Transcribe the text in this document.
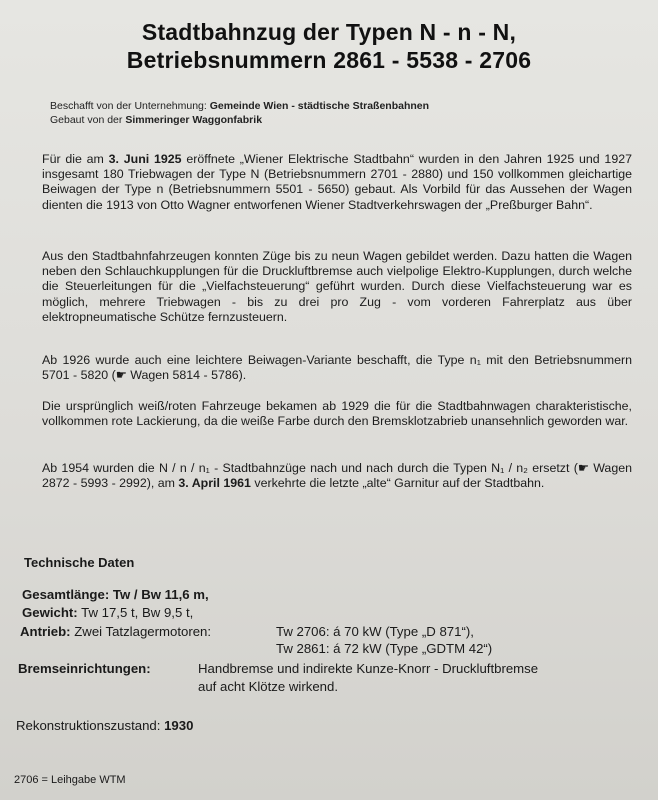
Stadtbahnzug der Typen N - n - N,
Betriebsnummern 2861 - 5538 - 2706
Beschafft von der Unternehmung: Gemeinde Wien - städtische Straßenbahnen
Gebaut von der Simmeringer Waggonfabrik

Für die am 3. Juni 1925 eröffnete „Wiener Elektrische Stadtbahn“ wurden in den Jahren 1925 und 1927 insgesamt 180 Triebwagen der Type N (Betriebsnummern 2701 - 2880) und 150 vollkommen gleichartige Beiwagen der Type n (Betriebsnummern 5501 - 5650) gebaut. Als Vorbild für das Aussehen der Wagen dienten die 1913 von Otto Wagner entworfenen Wiener Stadtverkehrswagen der „Preßburger Bahn“.

Aus den Stadtbahnfahrzeugen konnten Züge bis zu neun Wagen gebildet werden. Dazu hatten die Wagen neben den Schlauchkupplungen für die Druckluftbremse auch vielpolige Elektro-Kupplungen, durch welche die Steuerleitungen für die „Vielfachsteuerung“ geführt wurden. Durch diese Vielfachsteuerung war es möglich, mehrere Triebwagen - bis zu drei pro Zug - vom vorderen Fahrerplatz aus über elektropneumatische Schütze fernzusteuern.

Ab 1926 wurde auch eine leichtere Beiwagen-Variante beschafft, die Type n₁ mit den Betriebsnummern 5701 - 5820 (☛ Wagen 5814 - 5786).

Die ursprünglich weiß/roten Fahrzeuge bekamen ab 1929 die für die Stadtbahnwagen charakteristische, vollkommen rote Lackierung, da die weiße Farbe durch den Bremsklotzabrieb unansehnlich geworden war.

Ab 1954 wurden die N / n / n₁ - Stadtbahnzüge nach und nach durch die Typen N₁ / n₂ ersetzt (☛ Wagen 2872 - 5993 - 2992), am 3. April 1961 verkehrte die letzte „alte“ Garnitur auf der Stadtbahn.

Technische Daten
Gesamtlänge: Tw / Bw 11,6 m,
Gewicht: Tw 17,5 t, Bw 9,5 t,
Antrieb: Zwei Tatzlagermotoren:	Tw 2706: á 70 kW (Type „D 871“),
Tw 2861: á 72 kW (Type „GDTM 42“)
Bremseinrichtungen:	Handbremse und indirekte Kunze-Knorr - Druckluftbremse
auf acht Klötze wirkend.
Rekonstruktionszustand: 1930
2706 = Leihgabe WTM
